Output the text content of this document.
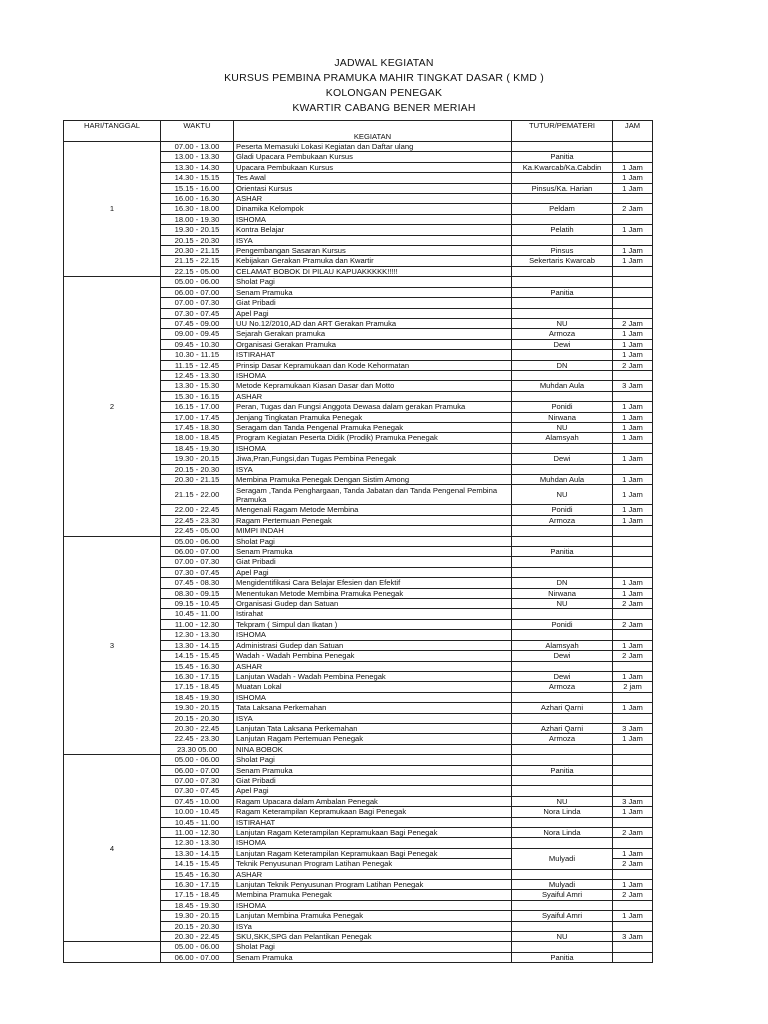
JADWAL KEGIATAN
KURSUS PEMBINA PRAMUKA MAHIR TINGKAT DASAR ( KMD )
KOLONGAN PENEGAK
KWARTIR CABANG BENER MERIAH
HARI/TANGGAL	WAKTU	KEGIATAN	TUTUR/PEMATERI	JAM
1	07.00 - 13.00	Peserta Memasuki Lokasi Kegiatan dan Daftar ulang		
	13.00 - 13.30	Gladi Upacara Pembukaan Kursus	Panitia	
	13.30 - 14.30	Upacara Pembukaan Kursus	Ka.Kwarcab/Ka.Cabdin	1 Jam
	14.30 - 15.15	Tes Awal		1 Jam
	15.15 - 16.00	Orientasi Kursus	Pinsus/Ka. Harian	1 Jam
	16.00 - 16.30	ASHAR		
	16.30 - 18.00	Dinamika Kelompok	Peldam	2 Jam
	18.00 - 19.30	ISHOMA		
	19.30 - 20.15	Kontra Belajar	Pelatih	1 Jam
	20.15 - 20.30	ISYA		
	20.30 - 21.15	Pengembangan Sasaran Kursus	Pinsus	1 Jam
	21.15 - 22.15	Kebijakan Gerakan Pramuka dan Kwartir	Sekertaris Kwarcab	1 Jam
	22.15 - 05.00	CELAMAT BOBOK DI PILAU KAPUAKKKKK!!!!!		
2	05.00 - 06.00	Sholat Pagi		
	06.00 - 07.00	Senam Pramuka	Panitia	
	07.00 - 07.30	Giat Pribadi		
	07.30 - 07.45	Apel Pagi		
	07.45 - 09.00	UU No.12/2010,AD dan ART Gerakan Pramuka	NU	2 Jam
	09.00 - 09.45	Sejarah Gerakan pramuka	Armoza	1 Jam
	09.45 - 10.30	Organisasi Gerakan Pramuka	Dewi	1 Jam
	10.30 - 11.15	ISTIRAHAT		1 Jam
	11.15 - 12.45	Prinsip Dasar Kepramukaan dan Kode Kehormatan	DN	2 Jam
	12.45 - 13.30	ISHOMA		
	13.30 - 15.30	Metode Kepramukaan Kiasan Dasar dan Motto	Muhdan Aula	3 Jam
	15.30 - 16.15	ASHAR		
	16.15 - 17.00	Peran, Tugas dan Fungsi Anggota Dewasa dalam gerakan Pramuka	Ponidi	1 Jam
	17.00 - 17.45	Jenjang Tingkatan Pramuka Penegak	Nirwana	1 Jam
	17.45 - 18.30	Seragam dan Tanda Pengenal Pramuka Penegak	NU	1 Jam
	18.00 - 18.45	Program Kegiatan Peserta Didik (Prodik) Pramuka Penegak	Alamsyah	1 Jam
	18.45 - 19.30	ISHOMA		
	19.30 - 20.15	Jiwa,Pran,Fungsi,dan Tugas Pembina Penegak	Dewi	1 Jam
	20.15 - 20.30	ISYA		
	20.30 - 21.15	Membina Pramuka Penegak Dengan Sistim Among	Muhdan Aula	1 Jam
	21.15 - 22.00	Seragam ,Tanda Penghargaan, Tanda Jabatan dan Tanda Pengenal Pembina Pramuka	NU	1 Jam
	22.00 - 22.45	Mengenali Ragam Metode Membina	Ponidi	1 Jam
	22.45 - 23.30	Ragam Pertemuan Penegak	Armoza	1 Jam
	22.45 - 05.00	MIMPI INDAH		
3	05.00 - 06.00	Sholat Pagi		
	06.00 - 07.00	Senam Pramuka	Panitia	
	07.00 - 07.30	Giat Pribadi		
	07.30 - 07.45	Apel Pagi		
	07.45 - 08.30	Mengidentifikasi Cara Belajar Efesien dan Efektif	DN	1 Jam
	08.30 - 09.15	Menentukan Metode Membina Pramuka Penegak	Nirwana	1 Jam
	09.15 - 10.45	Organisasi Gudep dan Satuan	NU	2 Jam
	10.45 - 11.00	Istirahat		
	11.00 - 12.30	Tekpram ( Simpul dan Ikatan )	Ponidi	2 Jam
	12.30 - 13.30	ISHOMA		
	13.30 - 14.15	Administrasi Gudep dan Satuan	Alamsyah	1 Jam
	14.15 - 15.45	Wadah - Wadah Pembina Penegak	Dewi	2 Jam
	15.45 - 16.30	ASHAR		
	16.30 - 17.15	Lanjutan Wadah - Wadah Pembina Penegak	Dewi	1 Jam
	17.15 - 18.45	Muatan Lokal	Armoza	2 jam
	18.45 - 19.30	ISHOMA		
	19.30 - 20.15	Tata Laksana Perkemahan	Azhari Qarni	1 Jam
	20.15 - 20.30	ISYA		
	20.30 - 22.45	Lanjutan Tata Laksana Perkemahan	Azhari Qarni	3 Jam
	22.45 - 23.30	Lanjutan Ragam Pertemuan Penegak	Armoza	1 Jam
	23.30 05.00	NINA BOBOK		
4	05.00 - 06.00	Sholat Pagi		
	06.00 - 07.00	Senam Pramuka	Panitia	
	07.00 - 07.30	Giat Pribadi		
	07.30 - 07.45	Apel Pagi		
	07.45 - 10.00	Ragam Upacara dalam Ambalan Penegak	NU	3 Jam
	10.00 - 10.45	Ragam Keterampilan Kepramukaan Bagi Penegak	Nora Linda	1 Jam
	10.45 - 11.00	ISTIRAHAT		
	11.00 - 12.30	Lanjutan Ragam Keterampilan Kepramukaan Bagi Penegak	Nora Linda	2 Jam
	12.30 - 13.30	ISHOMA		
	13.30 - 14.15	Lanjutan Ragam Keterampilan Kepramukaan Bagi Penegak	Mulyadi	1 Jam
	14.15 - 15.45	Teknik Penyusunan Program Latihan Penegak		2 Jam
	15.45 - 16.30	ASHAR		
	16.30 - 17.15	Lanjutan Teknik Penyusunan Program Latihan Penegak	Mulyadi	1 Jam
	17.15 - 18.45	Membina Pramuka Penegak	Syaiful Amri	2 Jam
	18.45 - 19.30	ISHOMA		
	19.30 - 20.15	Lanjutan Membina Pramuka Penegak	Syaiful Amri	1 Jam
	20.15 - 20.30	ISYa		
	20.30 - 22.45	SKU,SKK,SPG dan Pelantikan Penegak	NU	3 Jam
	05.00 - 06.00	Sholat Pagi		
	06.00 - 07.00	Senam Pramuka	Panitia	
